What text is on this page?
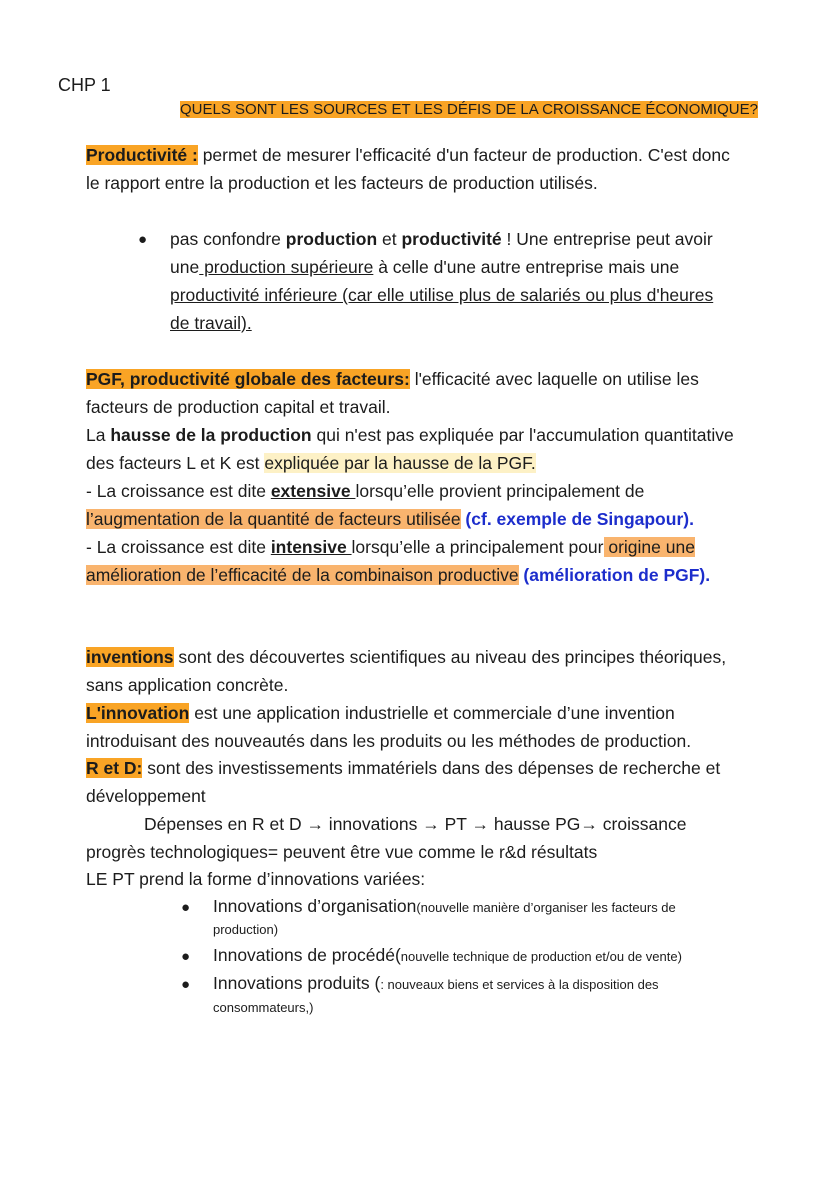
CHP 1
QUELS SONT LES SOURCES ET LES DÉFIS DE LA CROISSANCE ÉCONOMIQUE?
Productivité : permet de mesurer l'efficacité d'un facteur de production. C'est donc
le rapport entre la production et les facteurs de production utilisés.
● pas confondre production et productivité ! Une entreprise peut avoir
une production supérieure à celle d'une autre entreprise mais une
productivité inférieure (car elle utilise plus de salariés ou plus d'heures
de travail).
PGF, productivité globale des facteurs: l'efficacité avec laquelle on utilise les
facteurs de production capital et travail.
La hausse de la production qui n'est pas expliquée par l'accumulation quantitative
des facteurs L et K est expliquée par la hausse de la PGF.
- La croissance est dite extensive lorsqu’elle provient principalement de
l’augmentation de la quantité de facteurs utilisée (cf. exemple de Singapour).
- La croissance est dite intensive lorsqu’elle a principalement pour origine une
amélioration de l’efficacité de la combinaison productive (amélioration de PGF).
inventions sont des découvertes scientifiques au niveau des principes théoriques,
sans application concrète.
L'innovation est une application industrielle et commerciale d’une invention
introduisant des nouveautés dans les produits ou les méthodes de production.
R et D: sont des investissements immatériels dans des dépenses de recherche et
développement
Dépenses en R et D → innovations → PT → hausse PG→ croissance
progrès technologiques= peuvent être vue comme le r&d résultats
LE PT prend la forme d’innovations variées:
● Innovations d’organisation(nouvelle manière d’organiser les facteurs de
production)
● Innovations de procédé(nouvelle technique de production et/ou de vente)
● Innovations produits (: nouveaux biens et services à la disposition des
consommateurs,)
